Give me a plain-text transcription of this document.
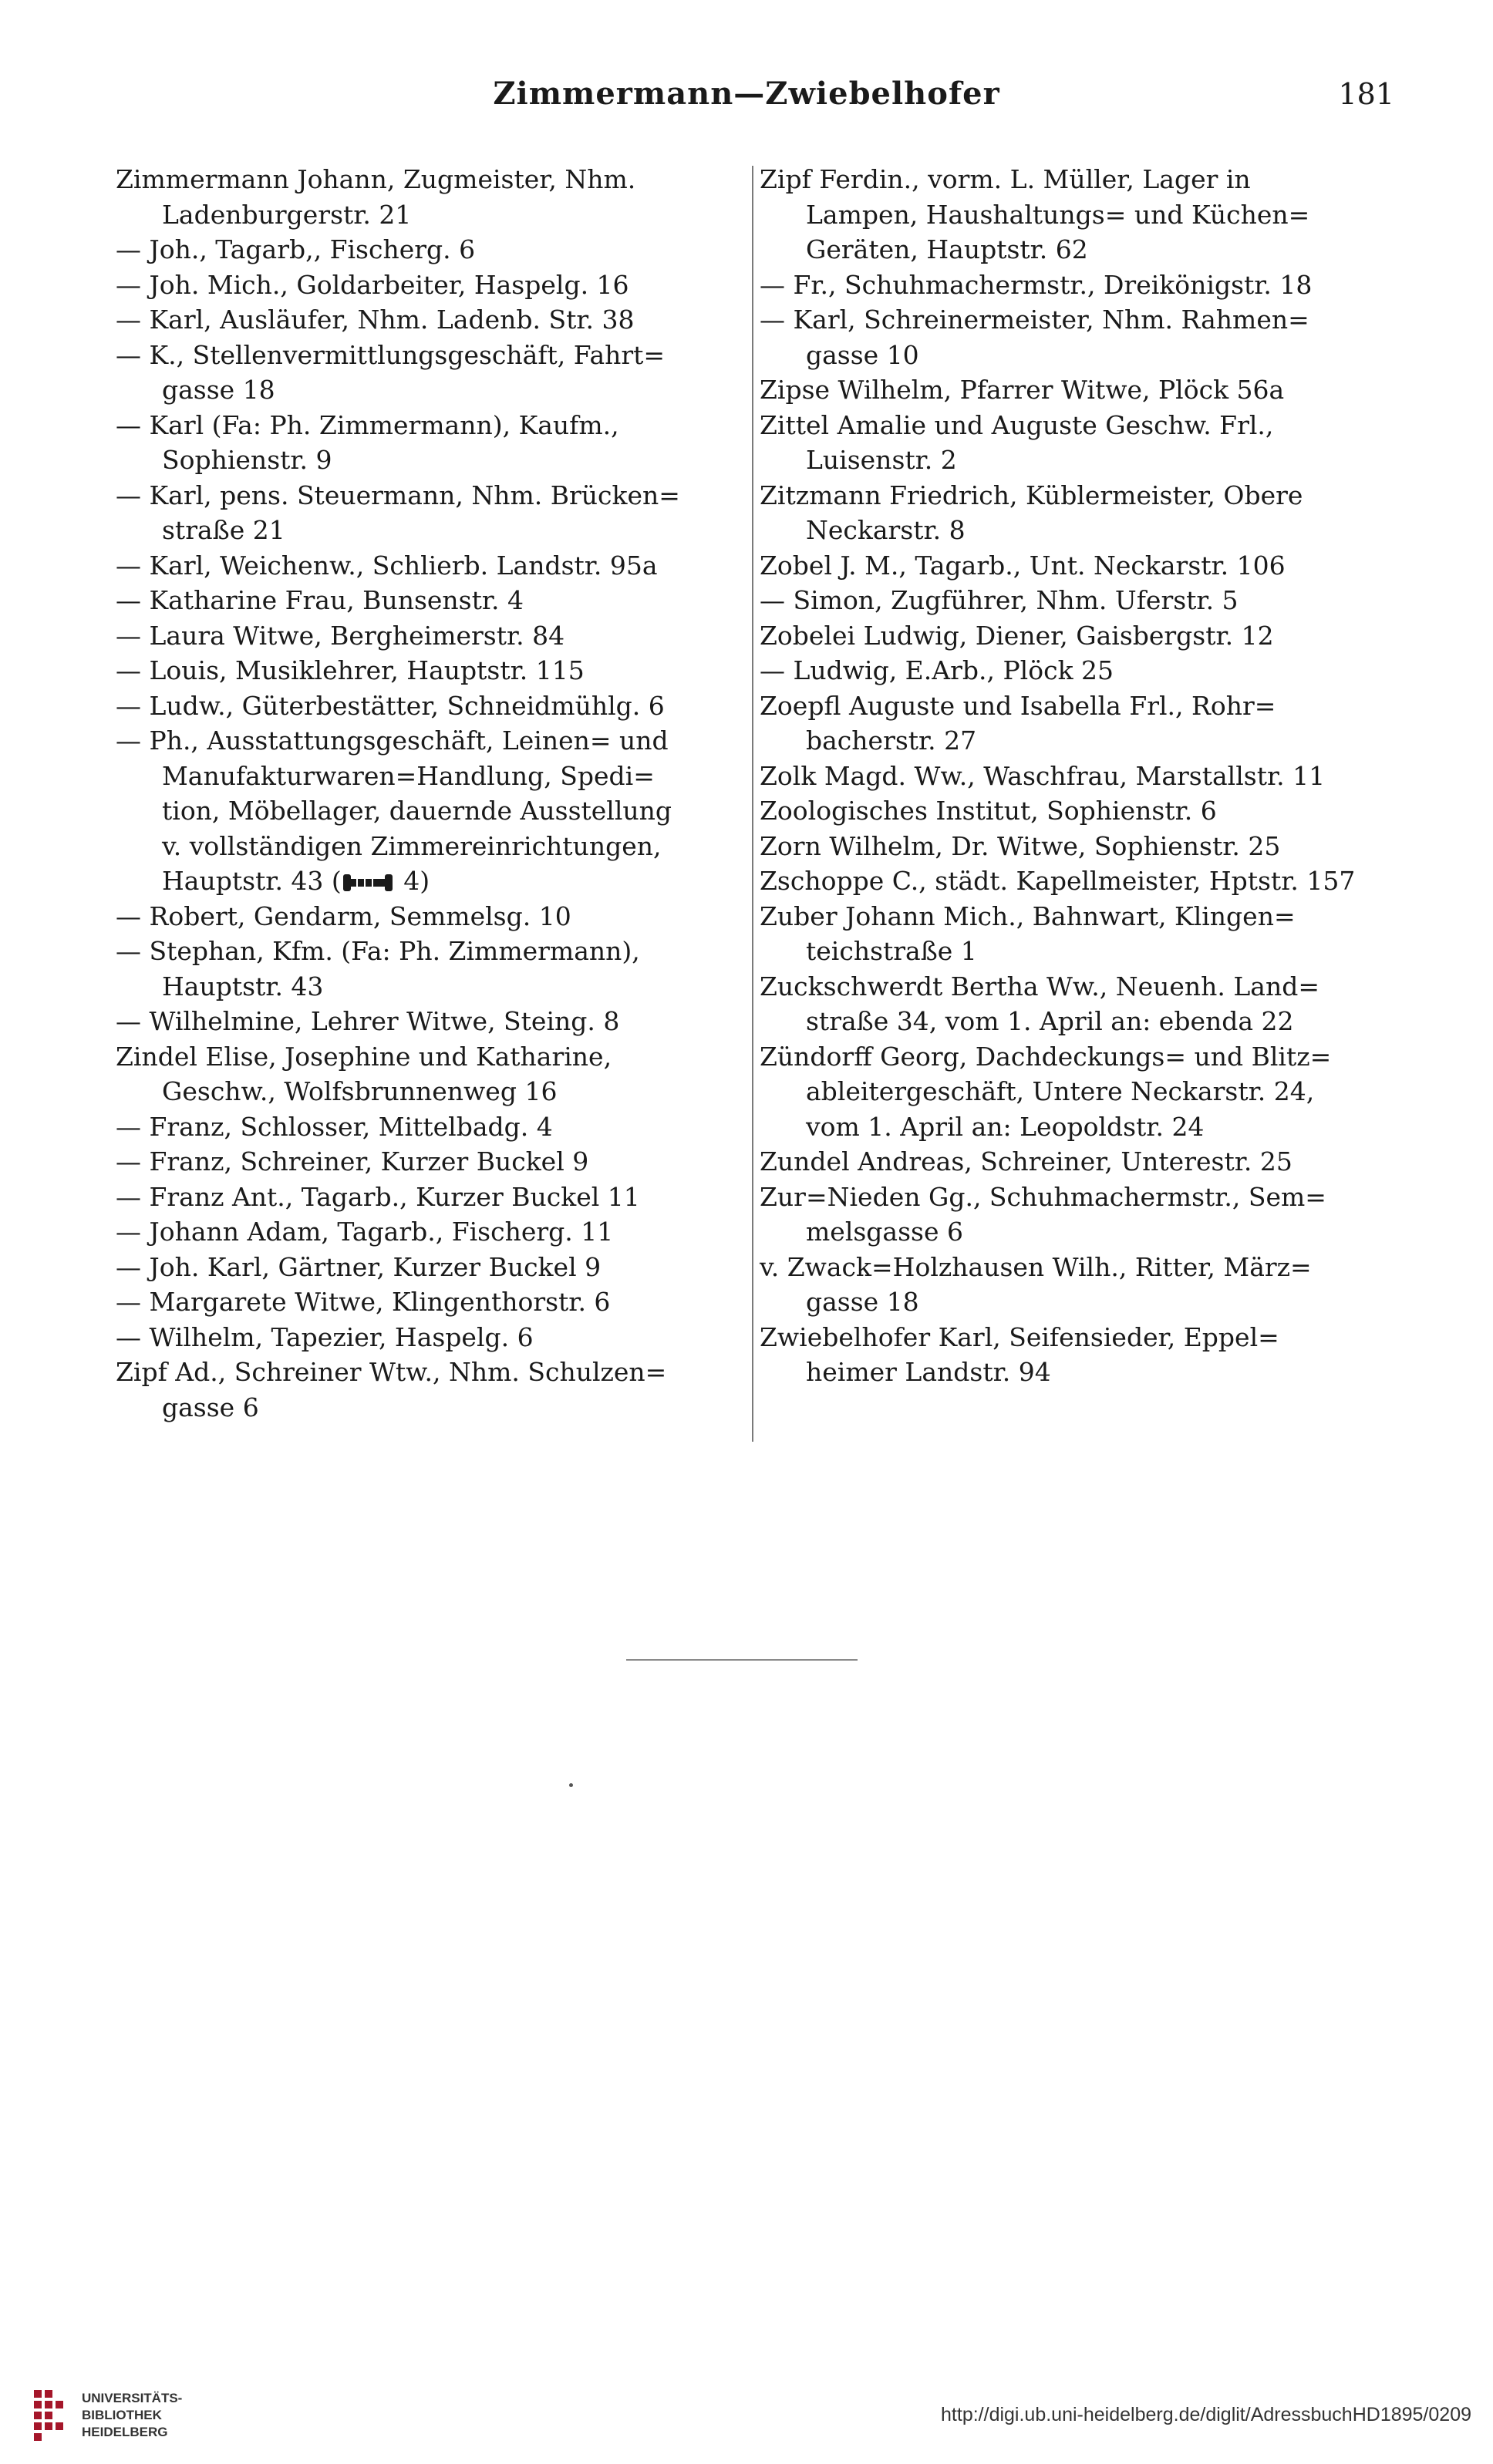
Zimmermann—Zwiebelhofer	181
Zimmermann Johann, Zugmeister, Nhm.
Ladenburgerstr. 21
— Joh., Tagarb,, Fischerg. 6
— Joh. Mich., Goldarbeiter, Haspelg. 16
— Karl, Ausläufer, Nhm. Ladenb. Str. 38
— K., Stellenvermittlungsgeschäft, Fahrt=
gasse 18
— Karl (Fa: Ph. Zimmermann), Kaufm.,
Sophienstr. 9
— Karl, pens. Steuermann, Nhm. Brücken=
straße 21
— Karl, Weichenw., Schlierb. Landstr. 95a
— Katharine Frau, Bunsenstr. 4
— Laura Witwe, Bergheimerstr. 84
— Louis, Musiklehrer, Hauptstr. 115
— Ludw., Güterbestätter, Schneidmühlg. 6
— Ph., Ausstattungsgeschäft, Leinen= und
Manufakturwaren=Handlung, Spedi=
tion, Möbellager, dauernde Ausstellung
v. vollständigen Zimmereinrichtungen,
Hauptstr. 43 ( 4)
— Robert, Gendarm, Semmelsg. 10
— Stephan, Kfm. (Fa: Ph. Zimmermann),
Hauptstr. 43
— Wilhelmine, Lehrer Witwe, Steing. 8
Zindel Elise, Josephine und Katharine,
Geschw., Wolfsbrunnenweg 16
— Franz, Schlosser, Mittelbadg. 4
— Franz, Schreiner, Kurzer Buckel 9
— Franz Ant., Tagarb., Kurzer Buckel 11
— Johann Adam, Tagarb., Fischerg. 11
— Joh. Karl, Gärtner, Kurzer Buckel 9
— Margarete Witwe, Klingenthorstr. 6
— Wilhelm, Tapezier, Haspelg. 6
Zipf Ad., Schreiner Wtw., Nhm. Schulzen=
gasse 6
Zipf Ferdin., vorm. L. Müller, Lager in
Lampen, Haushaltungs= und Küchen=
Geräten, Hauptstr. 62
— Fr., Schuhmachermstr., Dreikönigstr. 18
— Karl, Schreinermeister, Nhm. Rahmen=
gasse 10
Zipse Wilhelm, Pfarrer Witwe, Plöck 56a
Zittel Amalie und Auguste Geschw. Frl.,
Luisenstr. 2
Zitzmann Friedrich, Küblermeister, Obere
Neckarstr. 8
Zobel J. M., Tagarb., Unt. Neckarstr. 106
— Simon, Zugführer, Nhm. Uferstr. 5
Zobelei Ludwig, Diener, Gaisbergstr. 12
— Ludwig, E.Arb., Plöck 25
Zoepfl Auguste und Isabella Frl., Rohr=
bacherstr. 27
Zolk Magd. Ww., Waschfrau, Marstallstr. 11
Zoologisches Institut, Sophienstr. 6
Zorn Wilhelm, Dr. Witwe, Sophienstr. 25
Zschoppe C., städt. Kapellmeister, Hptstr. 157
Zuber Johann Mich., Bahnwart, Klingen=
teichstraße 1
Zuckschwerdt Bertha Ww., Neuenh. Land=
straße 34, vom 1. April an: ebenda 22
Zündorff Georg, Dachdeckungs= und Blitz=
ableitergeschäft, Untere Neckarstr. 24,
vom 1. April an: Leopoldstr. 24
Zundel Andreas, Schreiner, Unterestr. 25
Zur=Nieden Gg., Schuhmachermstr., Sem=
melsgasse 6
v. Zwack=Holzhausen Wilh., Ritter, März=
gasse 18
Zwiebelhofer Karl, Seifensieder, Eppel=
heimer Landstr. 94
UNIVERSITÄTS-
BIBLIOTHEK
HEIDELBERG
http://digi.ub.uni-heidelberg.de/diglit/AdressbuchHD1895/0209
